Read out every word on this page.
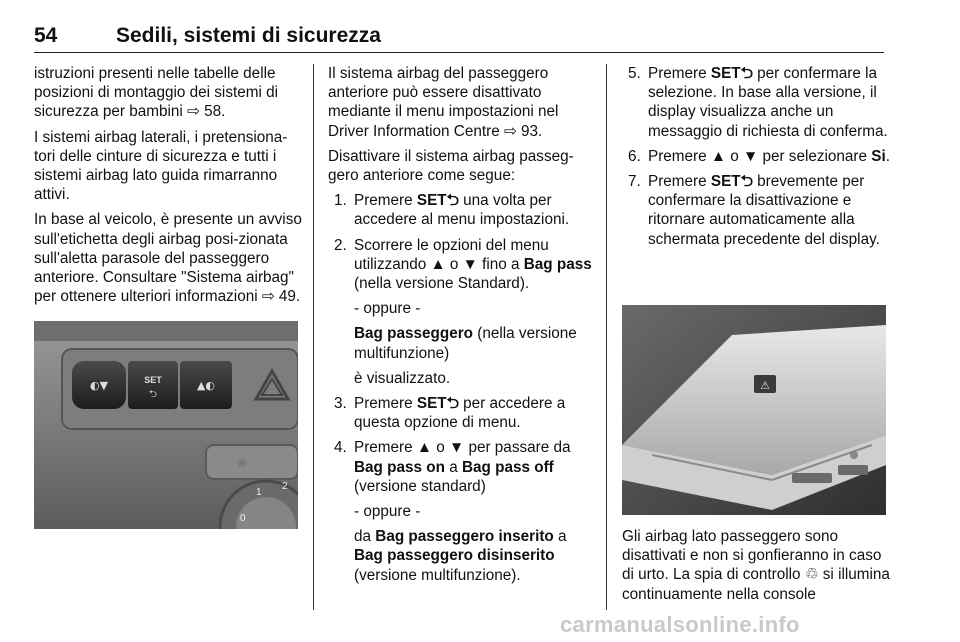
54	Sedili, sistemi di sicurezza

istruzioni presenti nelle tabelle delle posizioni di montaggio dei sistemi di sicurezza per bambini ⇨ 58.

I sistemi airbag laterali, i pretensiona-tori delle cinture di sicurezza e tutti i sistemi airbag lato guida rimarranno attivi.

In base al veicolo, è presente un avviso sull'etichetta degli airbag posi-zionata sull'aletta parasole del passeggero anteriore. Consultare "Sistema airbag" per ottenere ulteriori informazioni ⇨ 49.

◐▼	SET
⮌
▲◐
☼
0
1
2

Il sistema airbag del passeggero anteriore può essere disattivato mediante il menu impostazioni nel Driver Information Centre ⇨ 93.

Disattivare il sistema airbag passeg-gero anteriore come segue:

1. Premere SET⮌ una volta per accedere al menu impostazioni.
2. Scorrere le opzioni del menu utilizzando ▲ o ▼ fino a Bag pass (nella versione Standard).

- oppure -

Bag passeggero (nella versione multifunzione)

è visualizzato.

3. Premere SET⮌ per accedere a questa opzione di menu.
4. Premere ▲ o ▼ per passare da Bag pass on a Bag pass off (versione standard)

- oppure -

da Bag passeggero inserito a Bag passeggero disinserito (versione multifunzione).

5. Premere SET⮌ per confermare la selezione. In base alla versione, il display visualizza anche un messaggio di richiesta di conferma.
6. Premere ▲ o ▼ per selezionare Si.
7. Premere SET⮌ brevemente per confermare la disattivazione e ritornare automaticamente alla schermata precedente del display.
⚠

Gli airbag lato passeggero sono disattivati e non si gonfieranno in caso di urto. La spia di controllo ♲ si illumina continuamente nella console

carmanualsonline.info
